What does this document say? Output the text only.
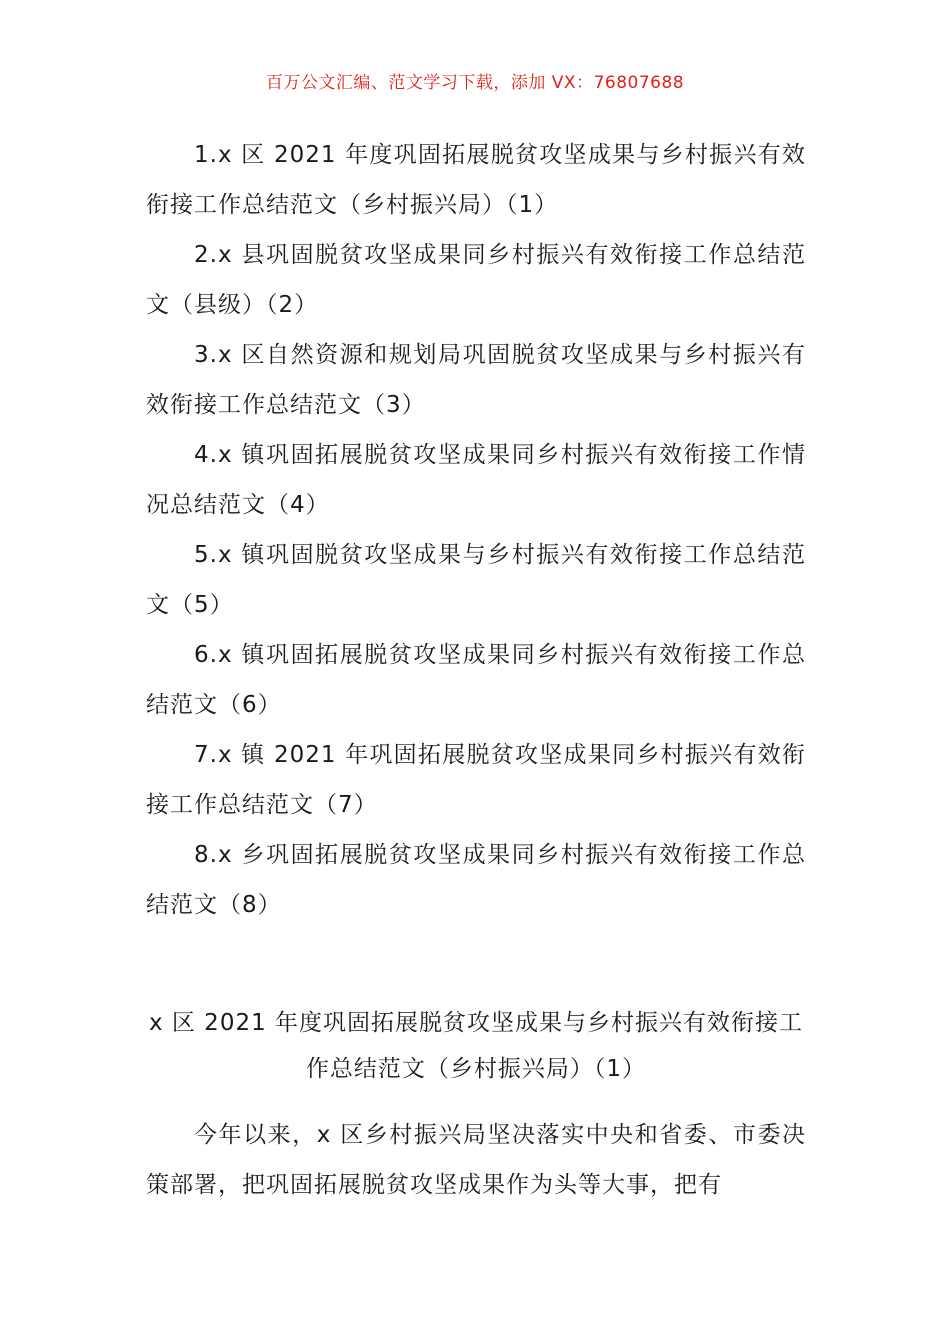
百万公文汇编、范文学习下载，添加 VX：76807688
1.x 区 2021 年度巩固拓展脱贫攻坚成果与乡村振兴有效衔接工作总结范文（乡村振兴局）（1）
2.x 县巩固脱贫攻坚成果同乡村振兴有效衔接工作总结范文（县级）（2）
3.x 区自然资源和规划局巩固脱贫攻坚成果与乡村振兴有效衔接工作总结范文（3）
4.x 镇巩固拓展脱贫攻坚成果同乡村振兴有效衔接工作情况总结范文（4）
5.x 镇巩固脱贫攻坚成果与乡村振兴有效衔接工作总结范文（5）
6.x 镇巩固拓展脱贫攻坚成果同乡村振兴有效衔接工作总结范文（6）
7.x 镇 2021 年巩固拓展脱贫攻坚成果同乡村振兴有效衔接工作总结范文（7）
8.x 乡巩固拓展脱贫攻坚成果同乡村振兴有效衔接工作总结范文（8）
x 区 2021 年度巩固拓展脱贫攻坚成果与乡村振兴有效衔接工作总结范文（乡村振兴局）（1）

今年以来，x 区乡村振兴局坚决落实中央和省委、市委决策部署，把巩固拓展脱贫攻坚成果作为头等大事，把有
